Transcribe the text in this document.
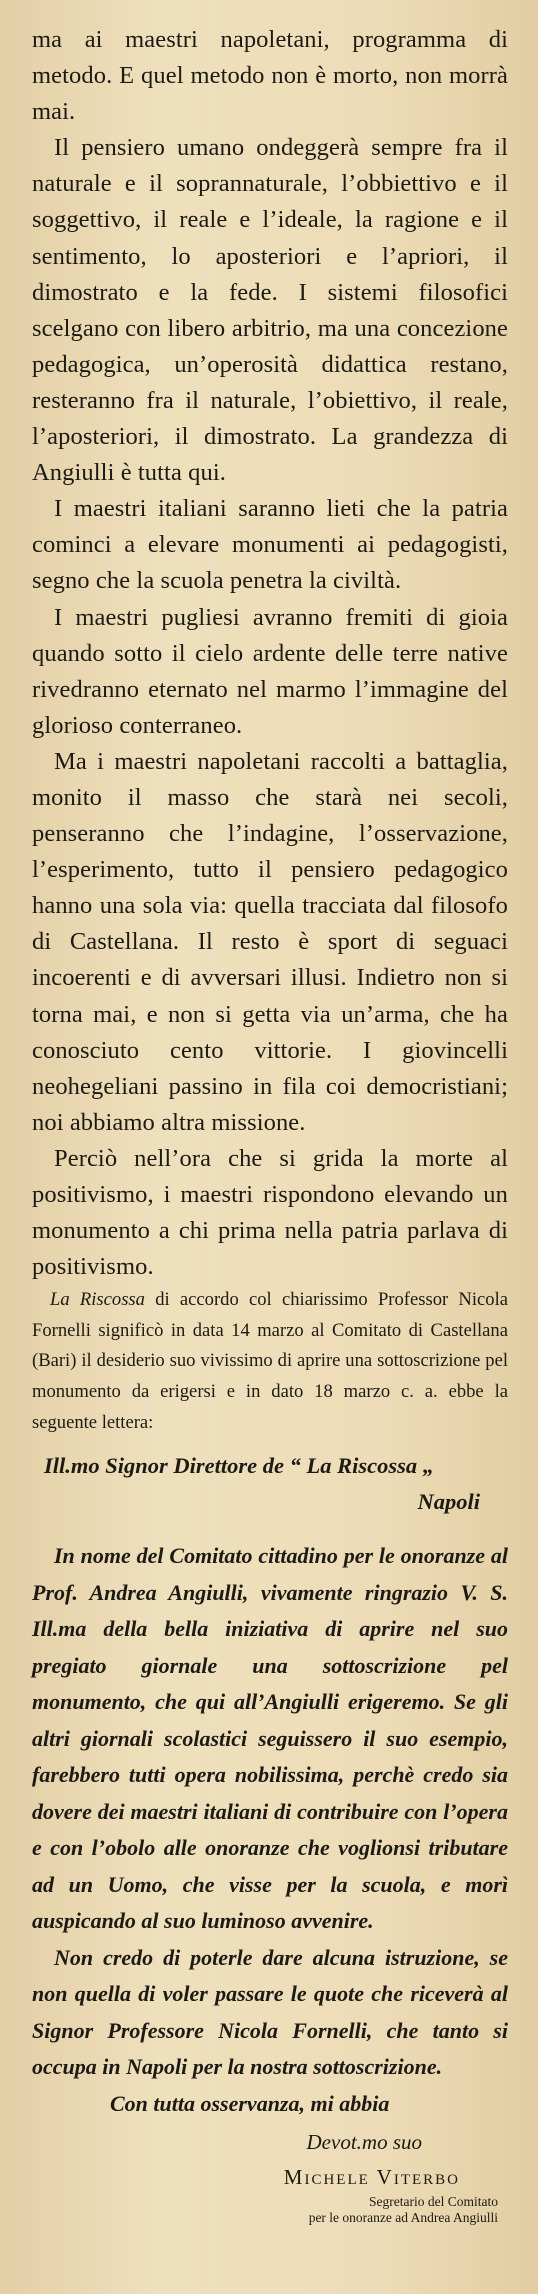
ma ai maestri napoletani, programma di metodo. E quel metodo non è morto, non morrà mai.

Il pensiero umano ondeggerà sempre fra il naturale e il soprannaturale, l’obbiettivo e il soggettivo, il reale e l’ideale, la ragione e il sentimento, lo aposteriori e l’apriori, il dimostrato e la fede. I sistemi filosofici scelgano con libero arbitrio, ma una concezione pedagogica, un’operosità didattica restano, resteranno fra il naturale, l’obiettivo, il reale, l’aposteriori, il dimostrato. La grandezza di Angiulli è tutta qui.

I maestri italiani saranno lieti che la patria cominci a elevare monumenti ai pedagogisti, segno che la scuola penetra la civiltà.

I maestri pugliesi avranno fremiti di gioia quando sotto il cielo ardente delle terre native rivedranno eternato nel marmo l’immagine del glorioso conterraneo.

Ma i maestri napoletani raccolti a battaglia, monito il masso che starà nei secoli, penseranno che l’indagine, l’osservazione, l’esperimento, tutto il pensiero pedagogico hanno una sola via: quella tracciata dal filosofo di Castellana. Il resto è sport di seguaci incoerenti e di avversari illusi. Indietro non si torna mai, e non si getta via un’arma, che ha conosciuto cento vittorie. I giovincelli neohegeliani passino in fila coi democristiani; noi abbiamo altra missione.

Perciò nell’ora che si grida la morte al positivismo, i maestri rispondono elevando un monumento a chi prima nella patria parlava di positivismo.

La Riscossa di accordo col chiarissimo Professor Nicola Fornelli significò in data 14 marzo al Comitato di Castellana (Bari) il desiderio suo vivissimo di aprire una sottoscrizione pel monumento da erigersi e in dato 18 marzo c. a. ebbe la seguente lettera:

Ill.mo Signor Direttore de “ La Riscossa „
Napoli

In nome del Comitato cittadino per le onoranze al Prof. Andrea Angiulli, vivamente ringrazio V. S. Ill.ma della bella iniziativa di aprire nel suo pregiato giornale una sottoscrizione pel monumento, che qui all’Angiulli erigeremo. Se gli altri giornali scolastici seguissero il suo esempio, farebbero tutti opera nobilissima, perchè credo sia dovere dei maestri italiani di contribuire con l’opera e con l’obolo alle onoranze che voglionsi tributare ad un Uomo, che visse per la scuola, e morì auspicando al suo luminoso avvenire.

Non credo di poterle dare alcuna istruzione, se non quella di voler passare le quote che riceverà al Signor Professore Nicola Fornelli, che tanto si occupa in Napoli per la nostra sottoscrizione.

Con tutta osservanza, mi abbia
Devot.mo suo
Michele Viterbo
Segretario del Comitato
per le onoranze ad Andrea Angiulli
